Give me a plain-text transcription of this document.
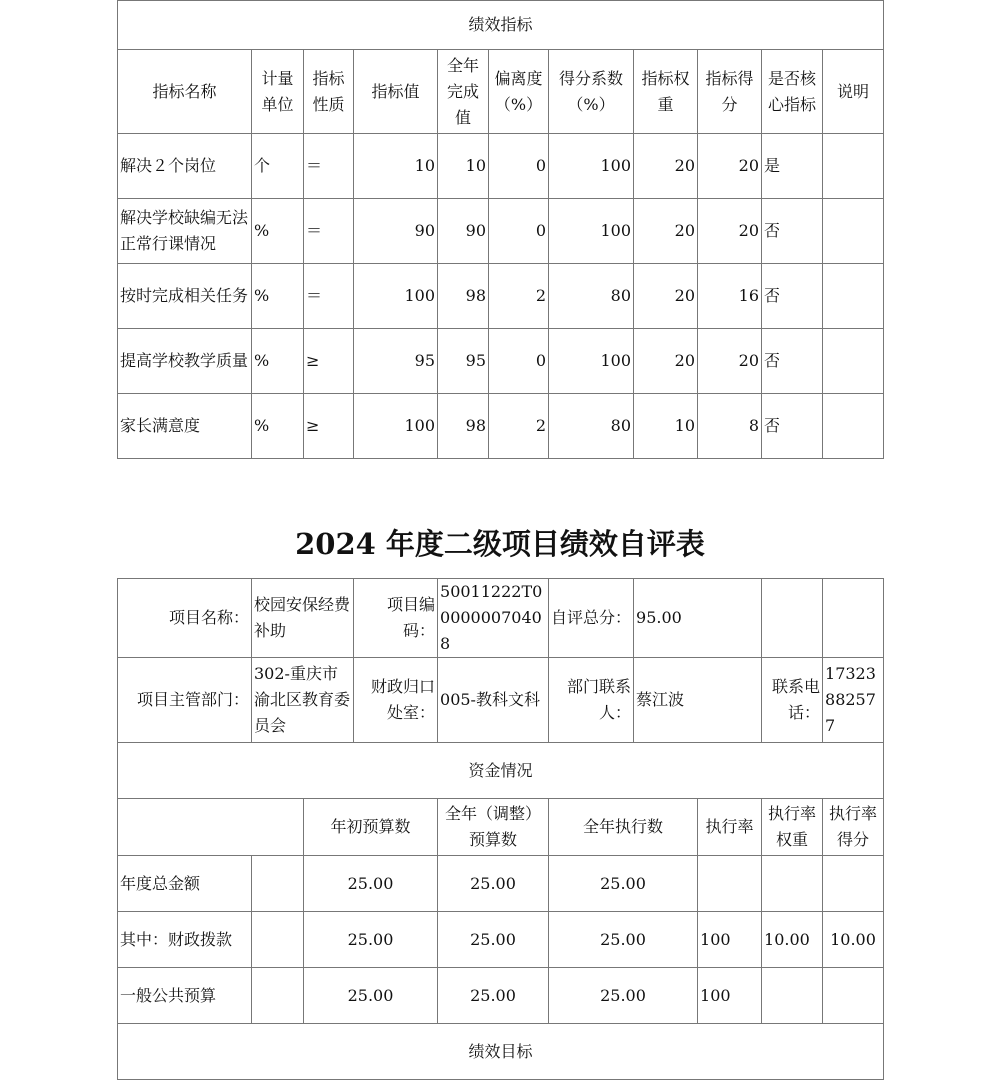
绩效指标										
指标名称	计量单位	指标性质	指标值	全年完成值	偏离度（%）	得分系数（%）	指标权重	指标得分	是否核心指标	说明
解决２个岗位	个	＝	10	10	0	100	20	20	是	
解决学校缺编无法正常行课情况	%	＝	90	90	0	100	20	20	否	
按时完成相关任务	%	＝	100	98	2	80	20	16	否	
提高学校教学质量	%	≥	95	95	0	100	20	20	否	
家长满意度	%	≥	100	98	2	80	10	8	否	
2024 年度二级项目绩效自评表
项目名称：	校园安保经费补助		项目编码：	50011222T000000070408	自评总分：	95.00			
项目主管部门：	302-重庆市渝北区教育委员会		财政归口处室：	005-教科文科	部门联系人：	蔡江波		联系电话：	17323882577
资金情况									
		年初预算数		全年（调整）预算数	全年执行数		执行率	执行率权重	执行率得分
年度总金额		25.00		25.00	25.00				
其中：财政拨款		25.00		25.00	25.00		100	10.00	10.00
一般公共预算		25.00		25.00	25.00		100		
绩效目标									
